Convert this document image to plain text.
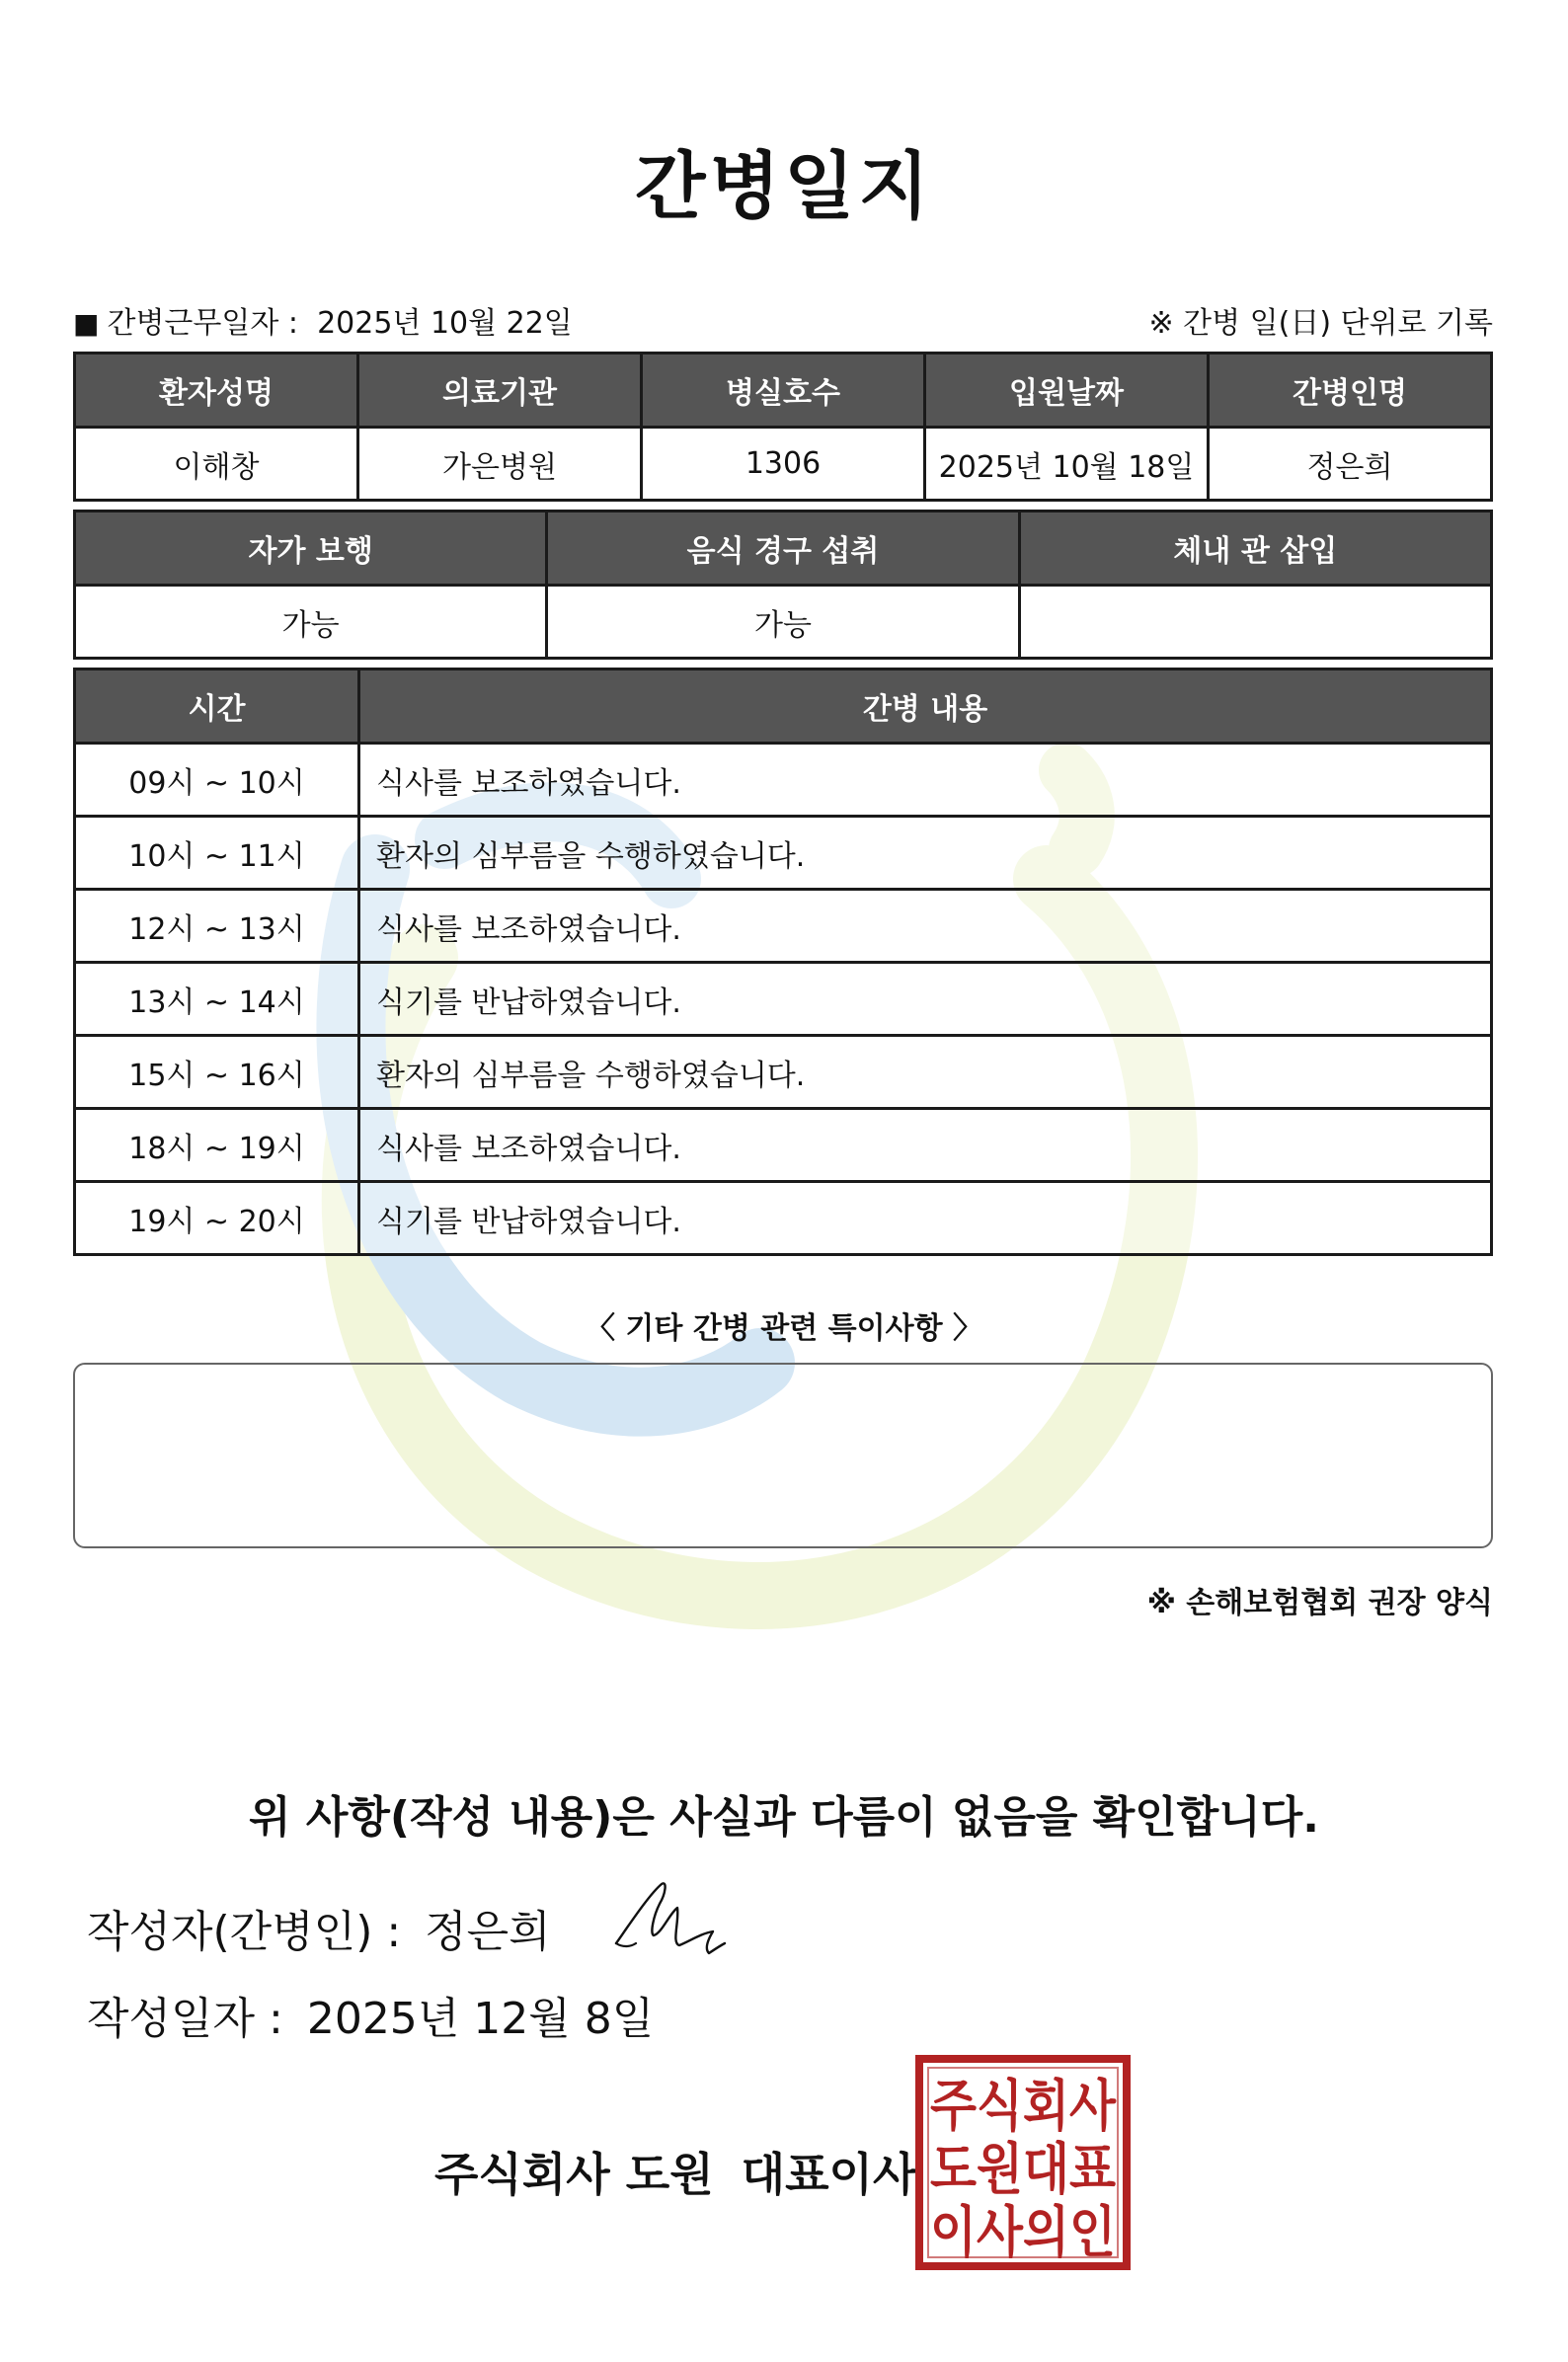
간병일지
■ 간병근무일자 : 2025년 10월 22일	※ 간병 일(日) 단위로 기록
환자성명	의료기관	병실호수	입원날짜	간병인명
이해창	가은병원	1306	2025년 10월 18일	정은희
자가 보행	음식 경구 섭취	체내 관 삽입
가능	가능	
시간	간병 내용
09시 ~ 10시	식사를 보조하였습니다.
10시 ~ 11시	환자의 심부름을 수행하였습니다.
12시 ~ 13시	식사를 보조하였습니다.
13시 ~ 14시	식기를 반납하였습니다.
15시 ~ 16시	환자의 심부름을 수행하였습니다.
18시 ~ 19시	식사를 보조하였습니다.
19시 ~ 20시	식기를 반납하였습니다.
〈 기타 간병 관련 특이사항 〉
※ 손해보험협회 권장 양식
위 사항(작성 내용)은 사실과 다름이 없음을 확인합니다.
작성자(간병인) : 정은희
작성일자 : 2025년 12월 8일
주식회사 도원 대표이사
주식회사
도원대표
이사의인
